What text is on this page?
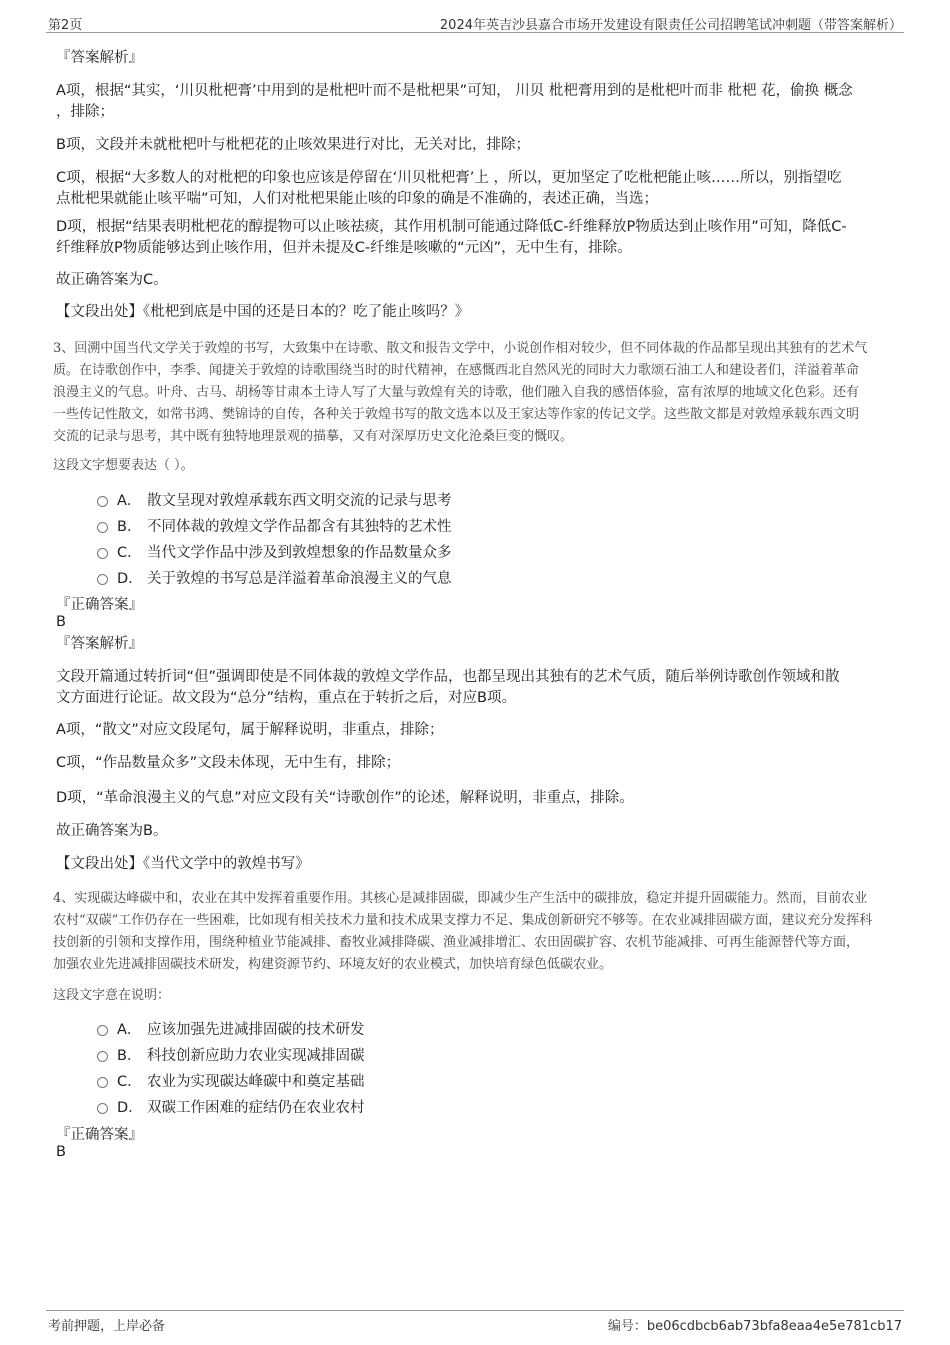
第2页	2024年英吉沙县嘉合市场开发建设有限责任公司招聘笔试冲刺题（带答案解析）
『答案解析』

A项，根据“其实，‘川贝枇杷膏’中用到的是枇杷叶而不是枇杷果”可知， 川贝 枇杷膏用到的是枇杷叶而非 枇杷 花，偷换 概念

，排除；

B项，文段并未就枇杷叶与枇杷花的止咳效果进行对比，无关对比，排除；

C项，根据“大多数人的对枇杷的印象也应该是停留在‘川贝枇杷膏’上 ，所以，更加坚定了吃枇杷能止咳……所以，别指望吃

点枇杷果就能止咳平喘”可知，人们对枇杷果能止咳的印象的确是不准确的，表述正确，当选；

D项，根据“结果表明枇杷花的醇提物可以止咳祛痰，其作用机制可能通过降低C-纤维释放P物质达到止咳作用”可知，降低C-

纤维释放P物质能够达到止咳作用，但并未提及C-纤维是咳嗽的“元凶”，无中生有，排除。

故正确答案为C。

【文段出处】《枇杷到底是中国的还是日本的？吃了能止咳吗？》

3、回溯中国当代文学关于敦煌的书写，大致集中在诗歌、散文和报告文学中，小说创作相对较少，但不同体裁的作品都呈现出其独有的艺术气

质。在诗歌创作中，李季、闻捷关于敦煌的诗歌围绕当时的时代精神，在感慨西北自然风光的同时大力歌颂石油工人和建设者们，洋溢着革命

浪漫主义的气息。叶舟、古马、胡杨等甘肃本土诗人写了大量与敦煌有关的诗歌，他们融入自我的感悟体验，富有浓厚的地域文化色彩。还有

一些传记性散文，如常书鸿、樊锦诗的自传，各种关于敦煌书写的散文选本以及王家达等作家的传记文学。这些散文都是对敦煌承载东西文明

交流的记录与思考，其中既有独特地理景观的描摹，又有对深厚历史文化沧桑巨变的慨叹。

这段文字想要表达（ ）。
A． 散文呈现对敦煌承载东西文明交流的记录与思考
B． 不同体裁的敦煌文学作品都含有其独特的艺术性
C． 当代文学作品中涉及到敦煌想象的作品数量众多
D． 关于敦煌的书写总是洋溢着革命浪漫主义的气息
『正确答案』
B
『答案解析』

文段开篇通过转折词“但”强调即使是不同体裁的敦煌文学作品，也都呈现出其独有的艺术气质，随后举例诗歌创作领域和散

文方面进行论证。故文段为“总分”结构，重点在于转折之后，对应B项。

A项，“散文”对应文段尾句，属于解释说明，非重点，排除；

C项，“作品数量众多”文段未体现，无中生有，排除；

D项，“革命浪漫主义的气息”对应文段有关“诗歌创作”的论述，解释说明，非重点，排除。

故正确答案为B。

【文段出处】《当代文学中的敦煌书写》

4、实现碳达峰碳中和，农业在其中发挥着重要作用。其核心是减排固碳，即减少生产生活中的碳排放，稳定并提升固碳能力。然而，目前农业

农村“双碳”工作仍存在一些困难，比如现有相关技术力量和技术成果支撑力不足、集成创新研究不够等。在农业减排固碳方面，建议充分发挥科

技创新的引领和支撑作用，围绕种植业节能减排、畜牧业减排降碳、渔业减排增汇、农田固碳扩容、农机节能减排、可再生能源替代等方面，

加强农业先进减排固碳技术研发，构建资源节约、环境友好的农业模式，加快培育绿色低碳农业。

这段文字意在说明：
A． 应该加强先进减排固碳的技术研发
B． 科技创新应助力农业实现减排固碳
C． 农业为实现碳达峰碳中和奠定基础
D． 双碳工作困难的症结仍在农业农村
『正确答案』
B
考前押题，上岸必备	编号：be06cdbcb6ab73bfa8eaa4e5e781cb17
